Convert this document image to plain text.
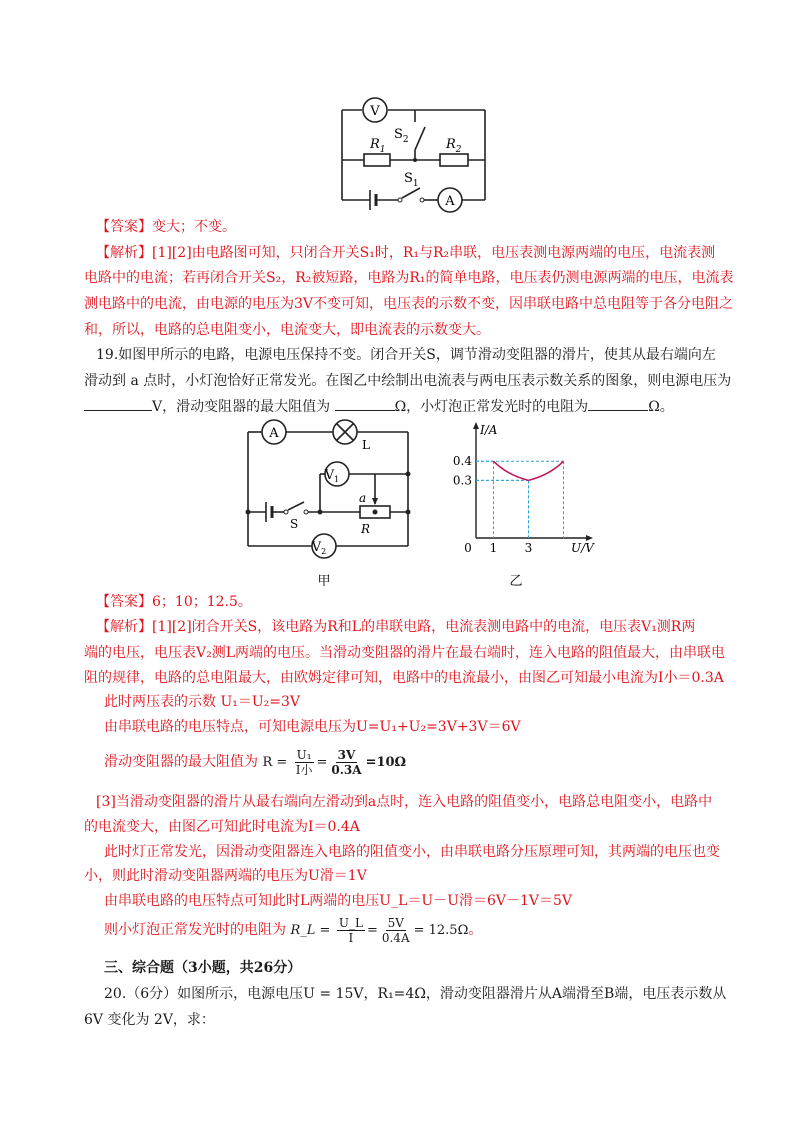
V
A
$R_1$	$R_2$
$S_2$
$S_1$
【答案】变大；不变。
【解析】[1][2]由电路图可知，只闭合开关S₁时，R₁与R₂串联，电压表测电源两端的电压，电流表测
电路中的电流；若再闭合开关S₂，R₂被短路，电路为R₁的简单电路，电压表仍测电源两端的电压，电流表
测电路中的电流，由电源的电压为3V不变可知，电压表的示数不变，因串联电路中总电阻等于各分电阻之
和，所以，电路的总电阻变小，电流变大，即电流表的示数变大。
19.如图甲所示的电路，电源电压保持不变。闭合开关S，调节滑动变阻器的滑片，使其从最右端向左
滑动到 a 点时，小灯泡恰好正常发光。在图乙中绘制出电流表与两电压表示数关系的图象，则电源电压为
V，滑动变阻器的最大阻值为	Ω，小灯泡正常发光时的电阻为	Ω。
A
L
$V_1$
$V_2$
a
R
S
甲
0 1 3
0.3
0.4
U/V
I/A
乙
【答案】6；10；12.5。
【解析】[1][2]闭合开关S，该电路为R和L的串联电路，电流表测电路中的电流，电压表V₁测R两
端的电压，电压表V₂测L两端的电压。当滑动变阻器的滑片在最右端时，连入电路的阻值最大，由串联电
阻的规律，电路的总电阻最大，由欧姆定律可知，电路中的电流最小，由图乙可知最小电流为I小＝0.3A
此时两压表的示数 U₁＝U₂=3V
由串联电路的电压特点，可知电源电压为U=U₁+U₂=3V+3V＝6V
滑动变阻器的最大阻值为 $R = \frac{\text{U₁}}{\text{I小}} = \frac{3V}{0.3A} =10\Omega$
[3]当滑动变阻器的滑片从最右端向左滑动到a点时，连入电路的阻值变小，电路总电阻变小，电路中
的电流变大，由图乙可知此时电流为I＝0.4A
此时灯正常发光，因滑动变阻器连入电路的阻值变小，由串联电路分压原理可知，其两端的电压也变
小，则此时滑动变阻器两端的电压为U滑＝1V
由串联电路的电压特点可知此时L两端的电压U_L＝U－U滑＝6V－1V＝5V
则小灯泡正常发光时的电阻为 R_L = $\frac{U\_L}{I} = \frac{5V}{0.4A} = 12.5\Omega$。
三、综合题（3小题，共26分）
20.（6分）如图所示，电源电压U = 15V，R₁=4Ω，滑动变阻器滑片从A端滑至B端，电压表示数从
6V 变化为 2V，求：
